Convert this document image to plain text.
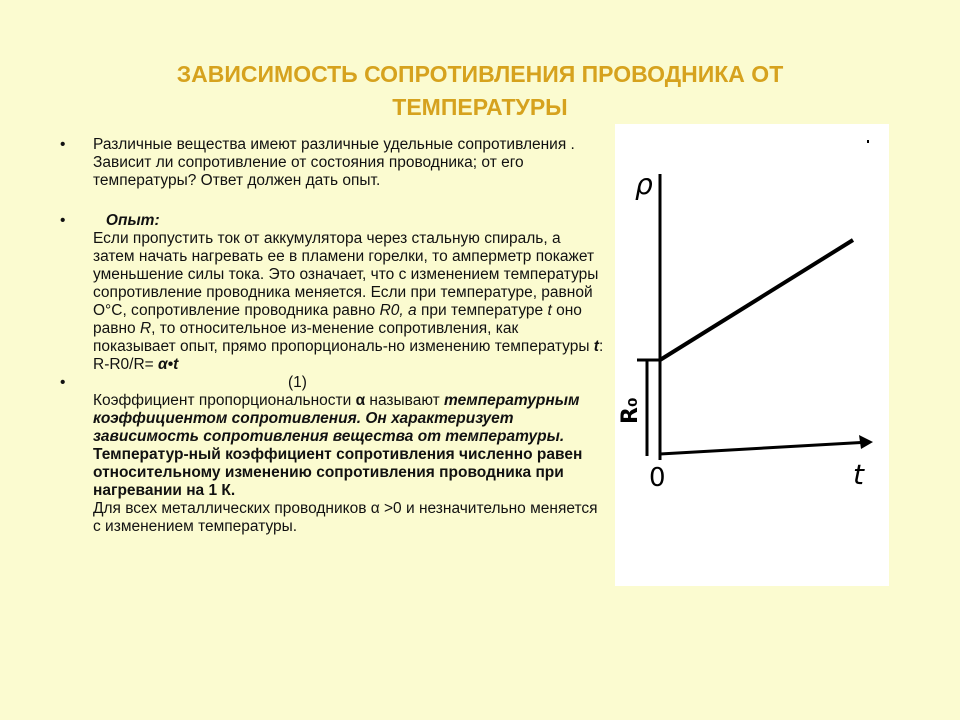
ЗАВИСИМОСТЬ СОПРОТИВЛЕНИЯ ПРОВОДНИКА ОТ
ТЕМПЕРАТУРЫ
• Различные вещества имеют различные удельные сопротивления . Зависит ли сопротивление от состояния проводника; от его температуры? Ответ должен дать опыт.

•	Опыт:

Если пропустить ток от аккумулятора через стальную спираль, а затем начать нагревать ее в пламени горелки, то амперметр покажет уменьшение силы тока. Это означает, что с изменением температуры сопротивление проводника меняется. Если при температуре, равной О°С, сопротивление проводника равно R0, а при температуре t оно равно R, то относительное из-менение сопротивления, как показывает опыт, прямо пропорциональ-но изменению температуры t:

R-R0/R= α•t

•	(1)

Коэффициент пропорциональности α называют температурным коэффициентом сопротивления. Он характеризует зависимость сопротивления вещества от температуры. Температур-ный коэффициент сопротивления численно равен относительному изменению сопротивления проводника при нагревании на 1 К.

Для всех металлических проводников α >0 и незначительно меняется с изменением температуры.

ρ
t
0
R₀
